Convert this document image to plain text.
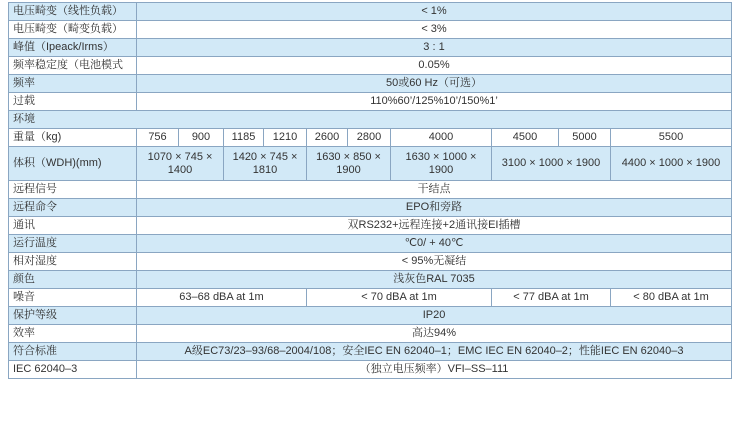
电压畸变（线性负载）	< 1%									
电压畸变（畸变负载）	< 3%									
峰值（Ipeack/Irms）	3 : 1									
频率稳定度（电池模式	0.05%									
频率	50或60 Hz（可选）									
过载	110%60’/125%10’/150%1’									
环境										
重量（kg)	756	900	1185	1210	2600	2800	4000	4500	5000	5500
体积（WDH)(mm)	1070 × 745 × 1400		1420 × 745 × 1810		1630 × 850 × 1900		1630 × 1000 × 1900	3100 × 1000 × 1900		4400 × 1000 × 1900
远程信号	干结点									
远程命令	EPO和旁路									
通讯	双RS232+远程连接+2通讯接EI插槽									
运行温度	℃0/ + 40℃									
相对湿度	< 95%无凝结									
颜色	浅灰色RAL 7035									
噪音	63–68 dBA at 1m				< 70 dBA at 1m			< 77 dBA at 1m		< 80 dBA at 1m
保护等级	IP20									
效率	高达94%									
符合标准	A级EC73/23–93/68–2004/108；安全IEC EN 62040–1；EMC IEC EN 62040–2；性能IEC EN 62040–3									
IEC 62040–3	（独立电压频率）VFI–SS–111									
